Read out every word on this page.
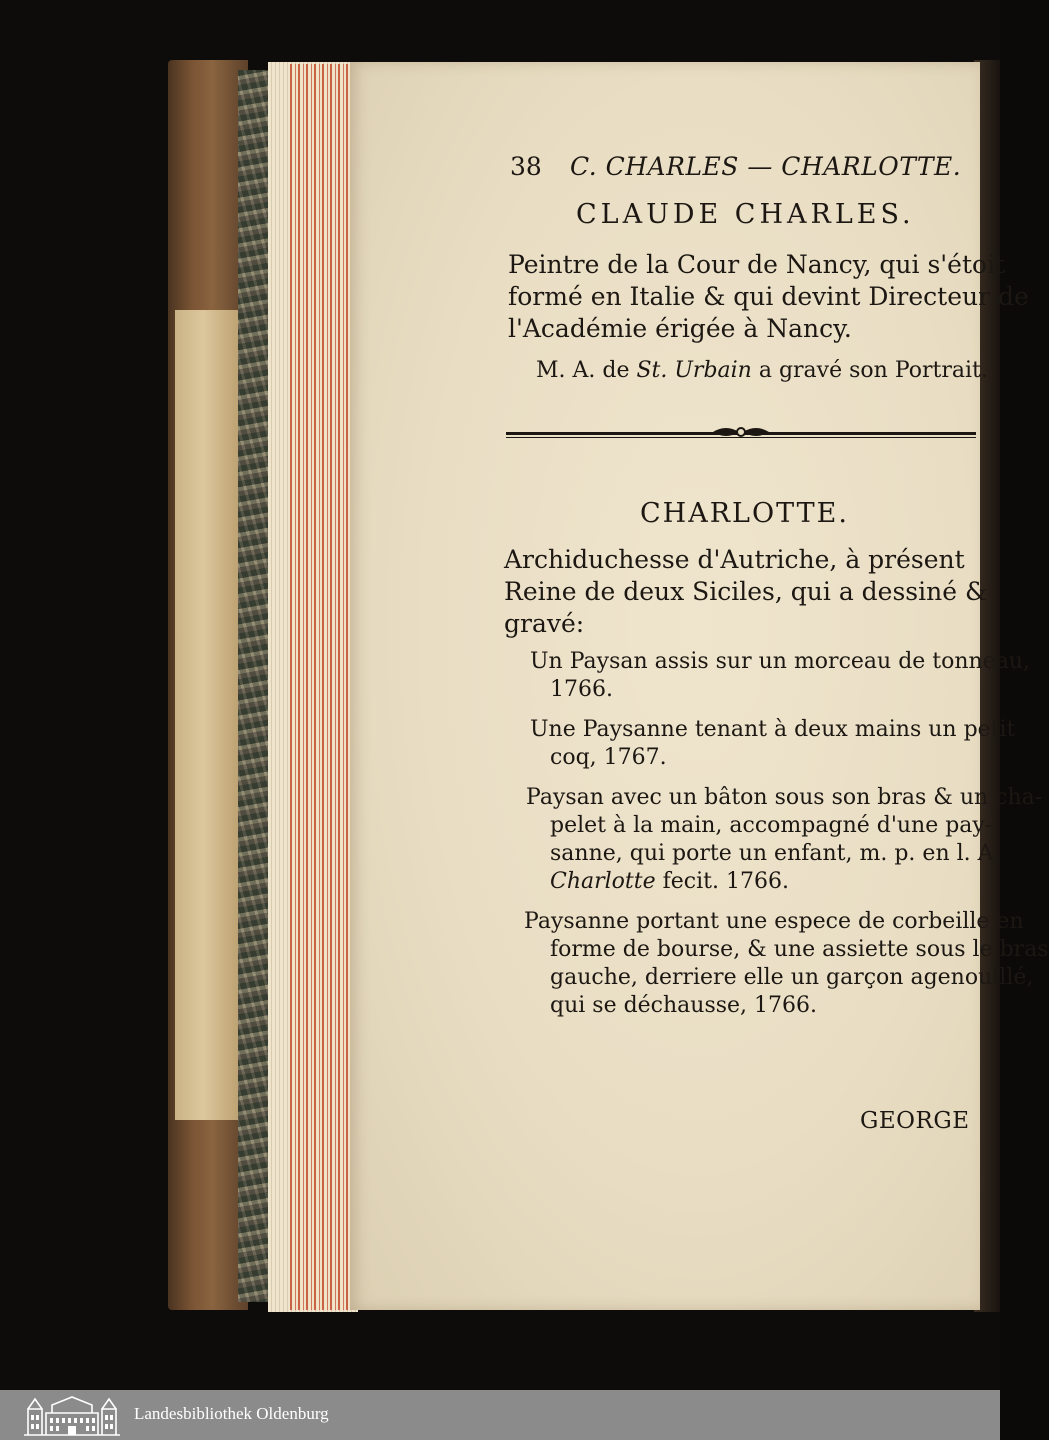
38 C. CHARLES — CHARLOTTE.
CLAUDE CHARLES.
Peintre de la Cour de Nancy, qui s'étoit
formé en Italie & qui devint Directeur de
l'Académie érigée à Nancy.
M. A. de St. Urbain a gravé son Portrait.
CHARLOTTE.
Archiduchesse d'Autriche, à présent
Reine de deux Siciles, qui a dessiné &
gravé:
Un Paysan assis sur un morceau de tonneau,
1766.
Une Paysanne tenant à deux mains un petit
coq, 1767.
Paysan avec un bâton sous son bras & un cha-
pelet à la main, accompagné d'une pay-
sanne, qui porte un enfant, m. p. en l. A.
Charlotte fecit. 1766.
Paysanne portant une espece de corbeille en
forme de bourse, & une assiette sous le bras
gauche, derriere elle un garçon agenouillé,
qui se déchausse, 1766.
GEORGE
Landesbibliothek Oldenburg
